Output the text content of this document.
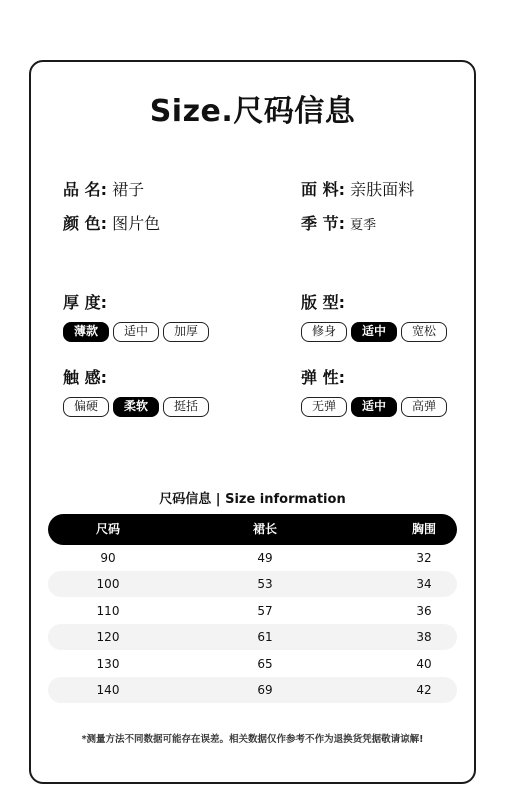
Size.尺码信息
品 名: 裙子
颜 色: 图片色
面 料: 亲肤面料
季 节: 夏季
厚 度:
薄款	适中	加厚
版 型:
修身	适中	宽松
触 感:
偏硬	柔软	挺括
弹 性:
无弹	适中	高弹
尺码信息 | Size information
尺码	裙长	胸围
90	49	32
100	53	34
110	57	36
120	61	38
130	65	40
140	69	42
*测量方法不同数据可能存在误差。相关数据仅作参考不作为退换货凭据敬请谅解!
